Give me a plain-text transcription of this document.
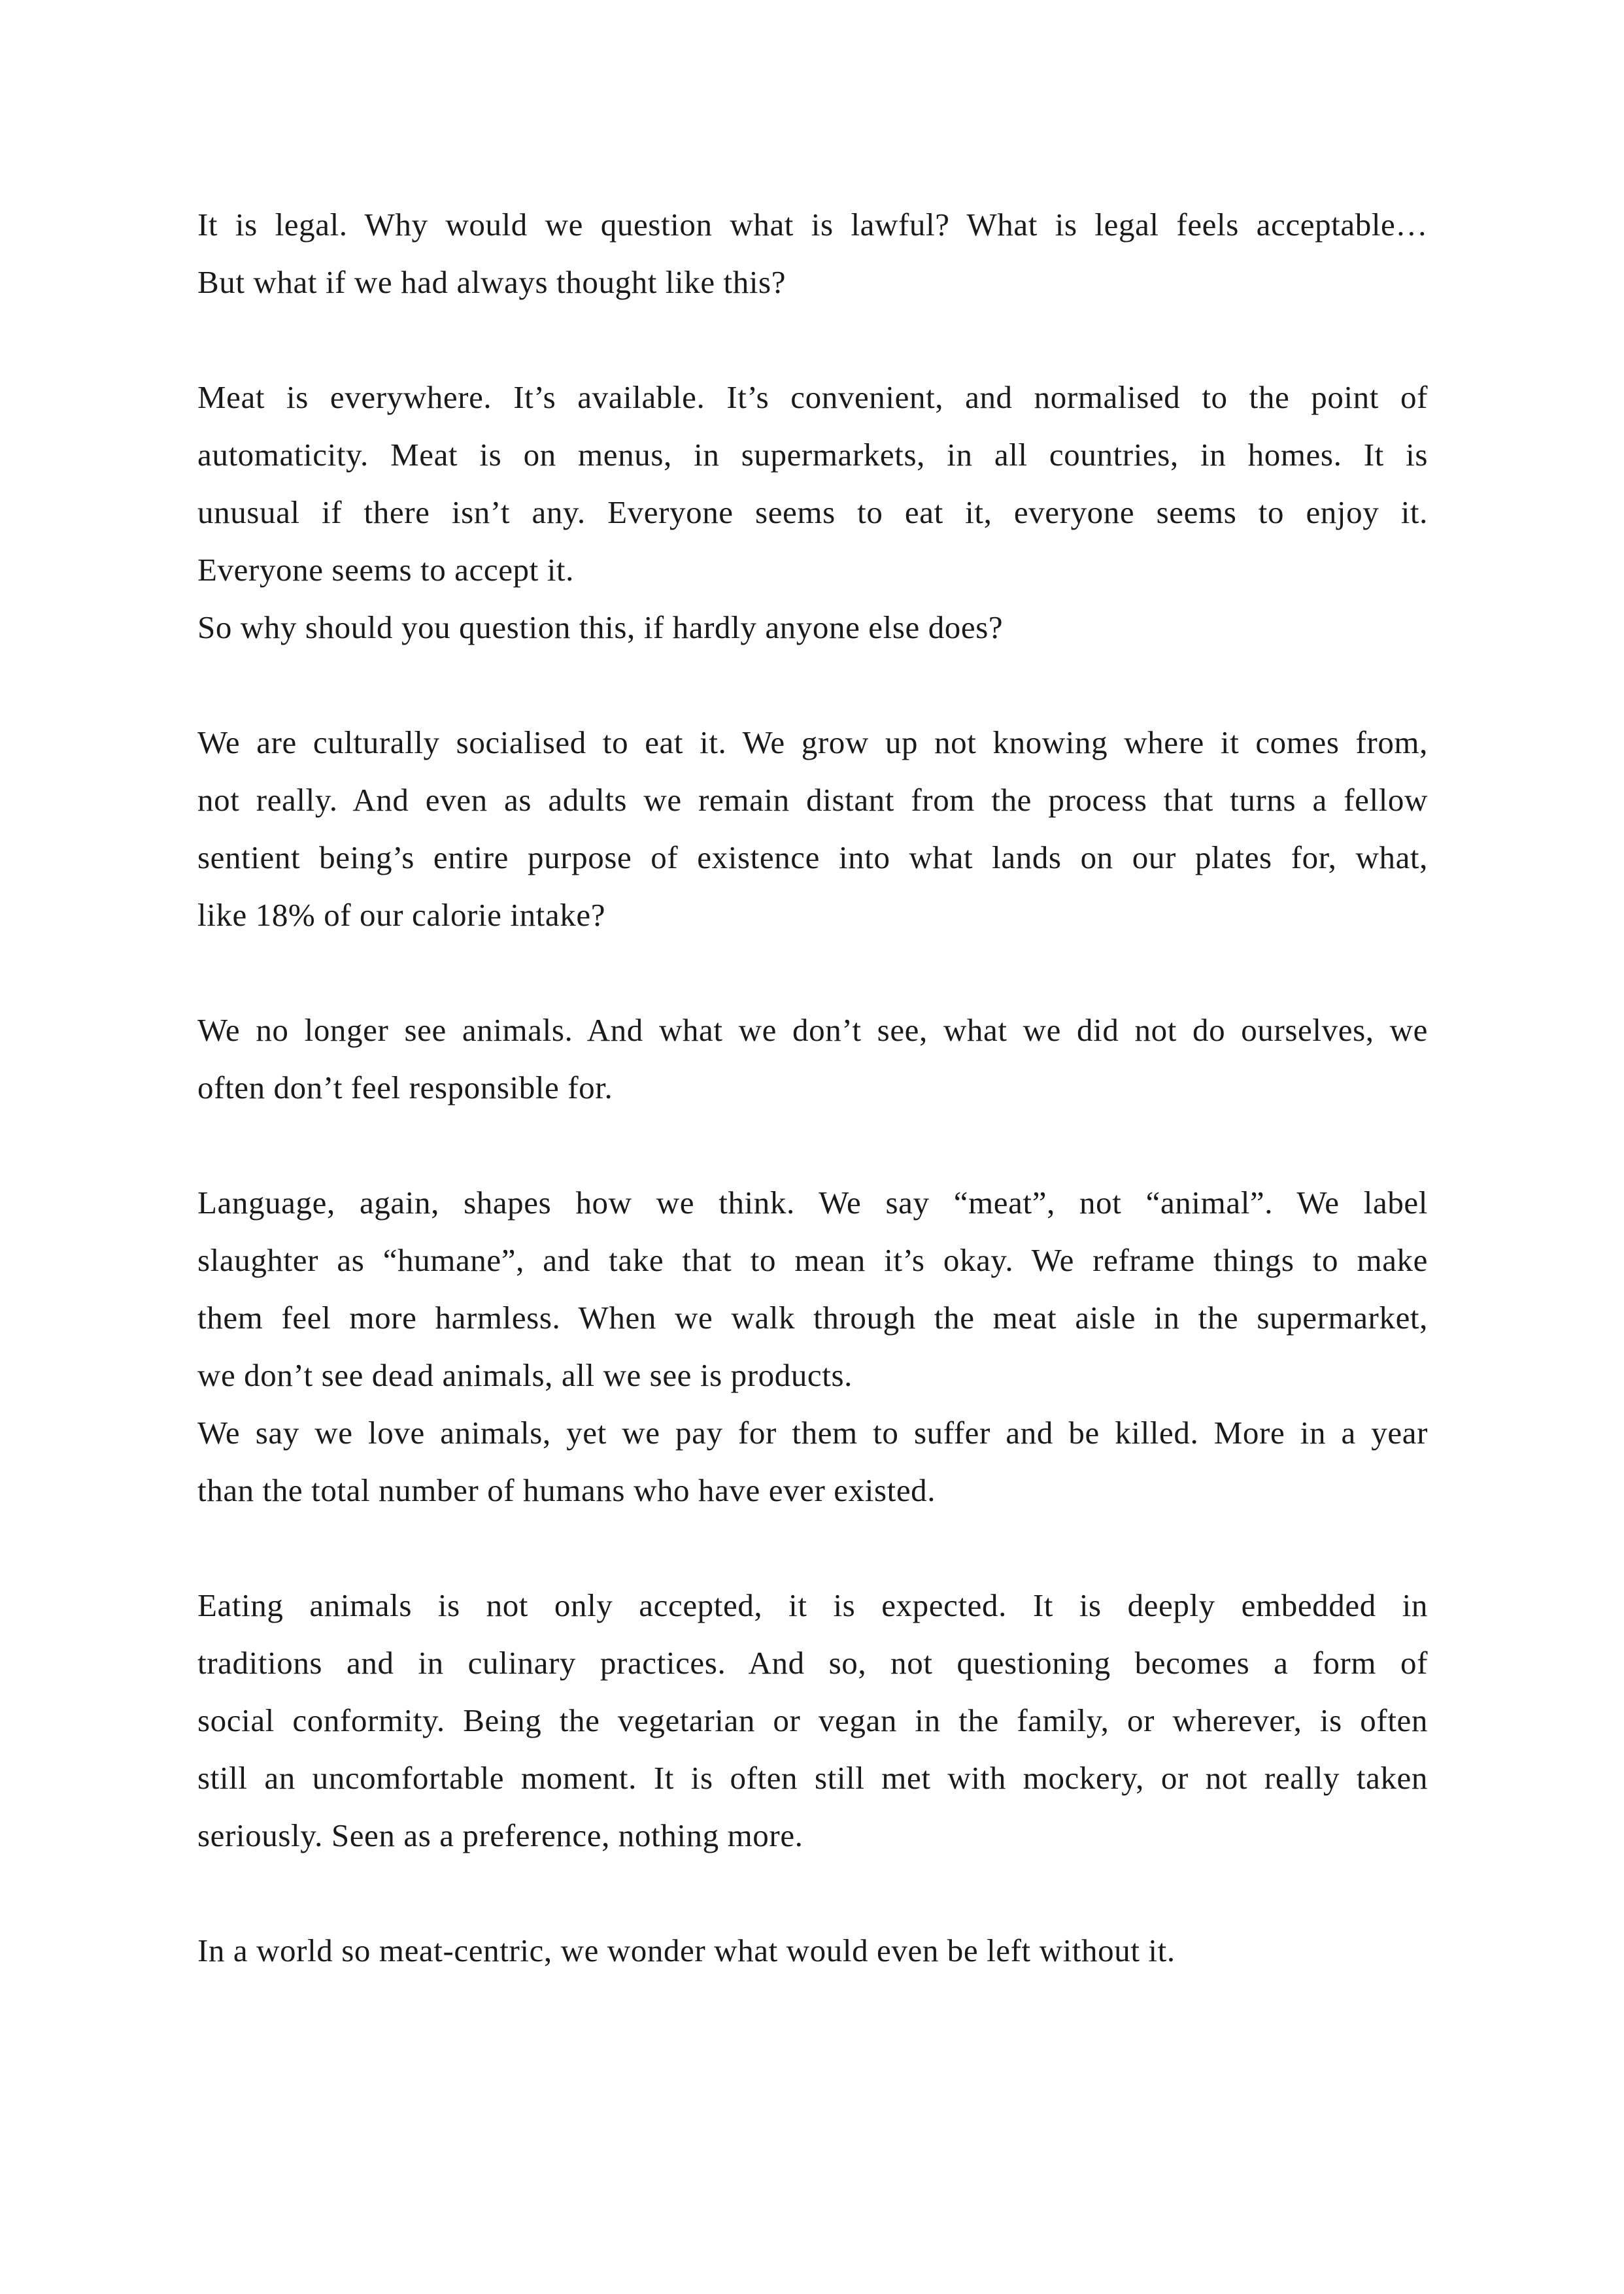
It is legal. Why would we question what is lawful? What is legal feels acceptable…

But what if we had always thought like this?

Meat is everywhere. It’s available. It’s convenient, and normalised to the point of

automaticity. Meat is on menus, in supermarkets, in all countries, in homes. It is

unusual if there isn’t any. Everyone seems to eat it, everyone seems to enjoy it.

Everyone seems to accept it.

So why should you question this, if hardly anyone else does?

We are culturally socialised to eat it. We grow up not knowing where it comes from,

not really. And even as adults we remain distant from the process that turns a fellow

sentient being’s entire purpose of existence into what lands on our plates for, what,

like 18% of our calorie intake?

We no longer see animals. And what we don’t see, what we did not do ourselves, we

often don’t feel responsible for.

Language, again, shapes how we think. We say “meat”, not “animal”. We label

slaughter as “humane”, and take that to mean it’s okay. We reframe things to make

them feel more harmless. When we walk through the meat aisle in the supermarket,

we don’t see dead animals, all we see is products.

We say we love animals, yet we pay for them to suffer and be killed. More in a year

than the total number of humans who have ever existed.

Eating animals is not only accepted, it is expected. It is deeply embedded in

traditions and in culinary practices. And so, not questioning becomes a form of

social conformity. Being the vegetarian or vegan in the family, or wherever, is often

still an uncomfortable moment. It is often still met with mockery, or not really taken

seriously. Seen as a preference, nothing more.

In a world so meat-centric, we wonder what would even be left without it.
